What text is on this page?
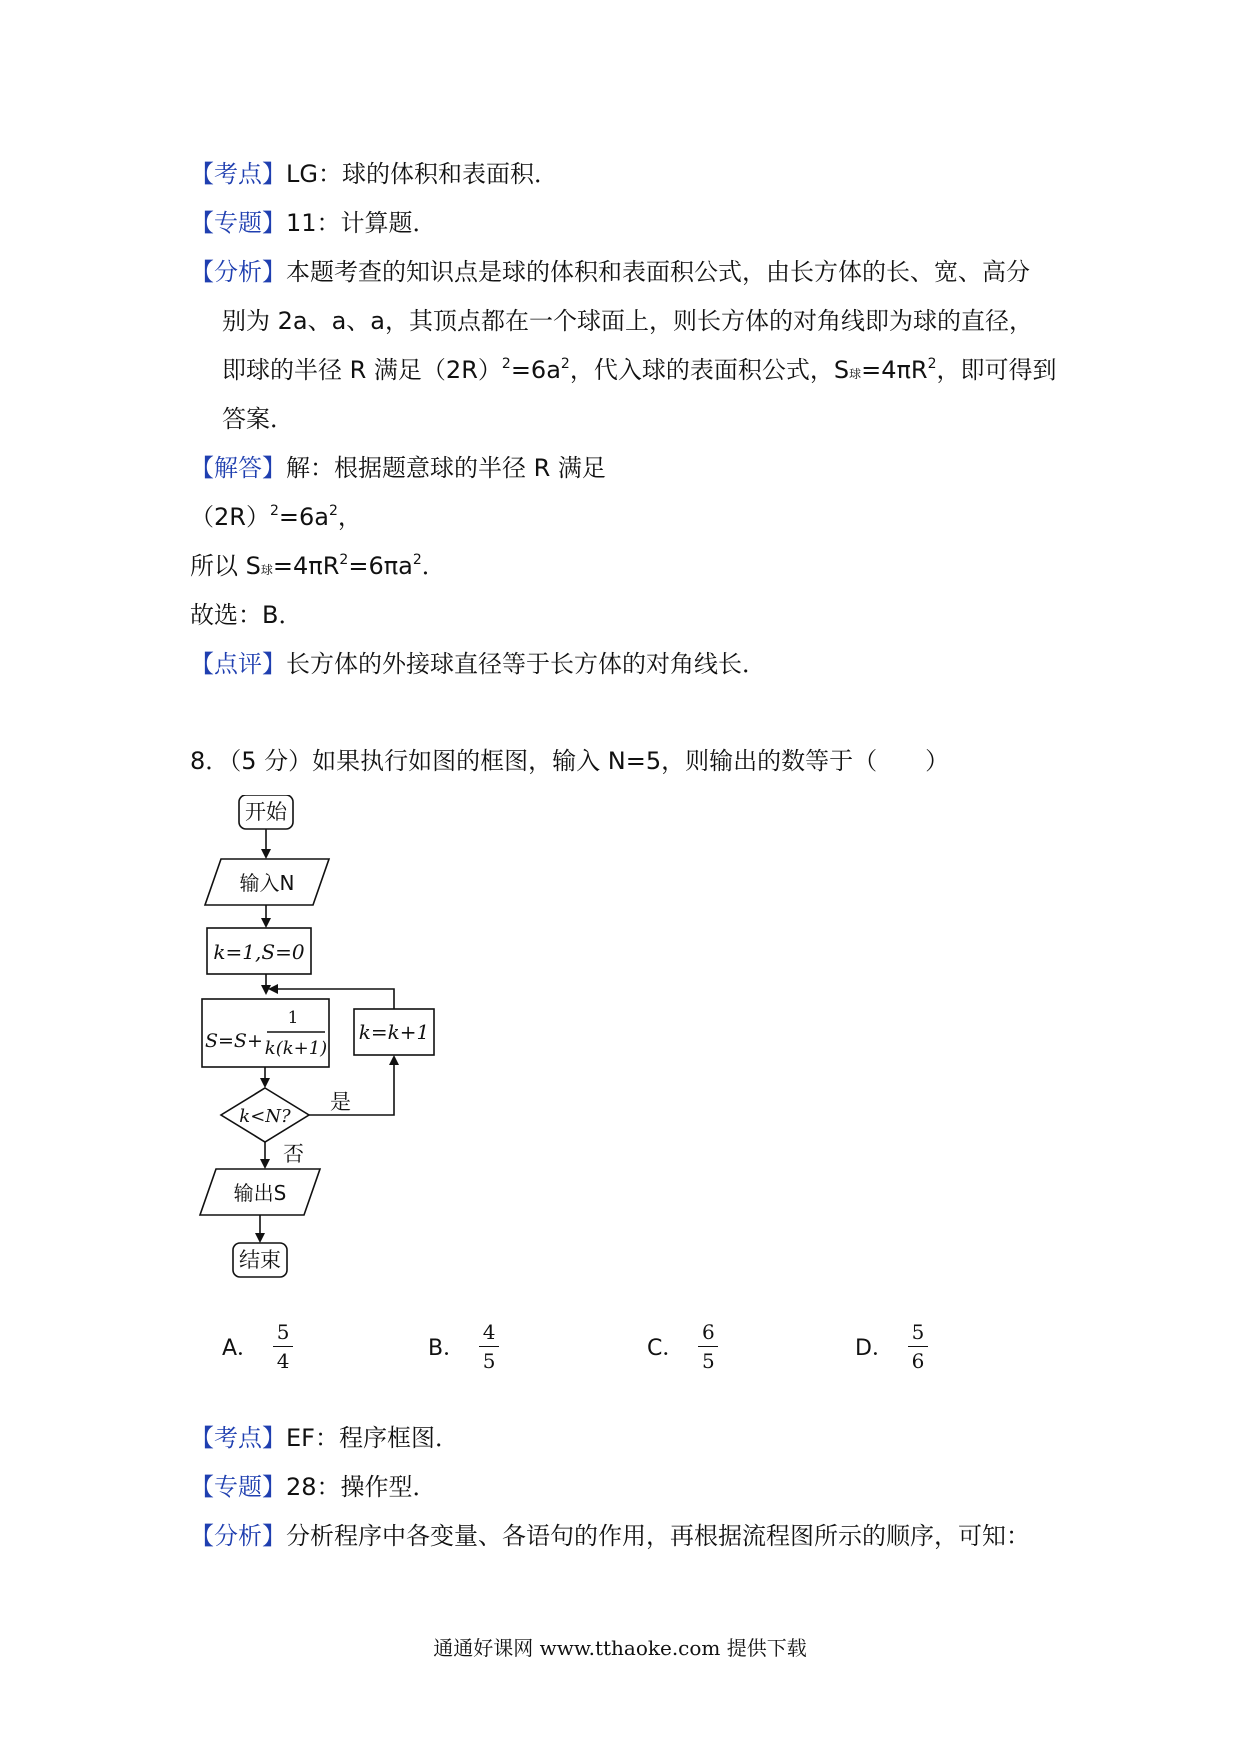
【考点】LG：球的体积和表面积．
【专题】11：计算题．
【分析】本题考查的知识点是球的体积和表面积公式，由长方体的长、宽、高分
别为 2a、a、a，其顶点都在一个球面上，则长方体的对角线即为球的直径，
即球的半径 R 满足$(2R)^2=6a^2$，代入球的表面积公式，S球$=4\pi R^2$，即可得到
答案．
【解答】解：根据题意球的半径 R 满足
$(2R)^2=6a^2$，
所以 S球$=4\pi R^2=6\pi a^2$．
故选：B．
【点评】长方体的外接球直径等于长方体的对角线长．
8．（5 分）如果执行如图的框图，输入 N=5，则输出的数等于（　　）
开始
输入N
k=1,S=0
S=S+
1
k(k+1)
k=k+1
k<N?
是
否
输出S
结束
A． $\frac{5}{4}$	B． $\frac{4}{5}$	C． $\frac{6}{5}$	D． $\frac{5}{6}$
【考点】EF：程序框图．
【专题】28：操作型．
【分析】分析程序中各变量、各语句的作用，再根据流程图所示的顺序，可知：
通通好课网 www.tthaoke.com 提供下载
